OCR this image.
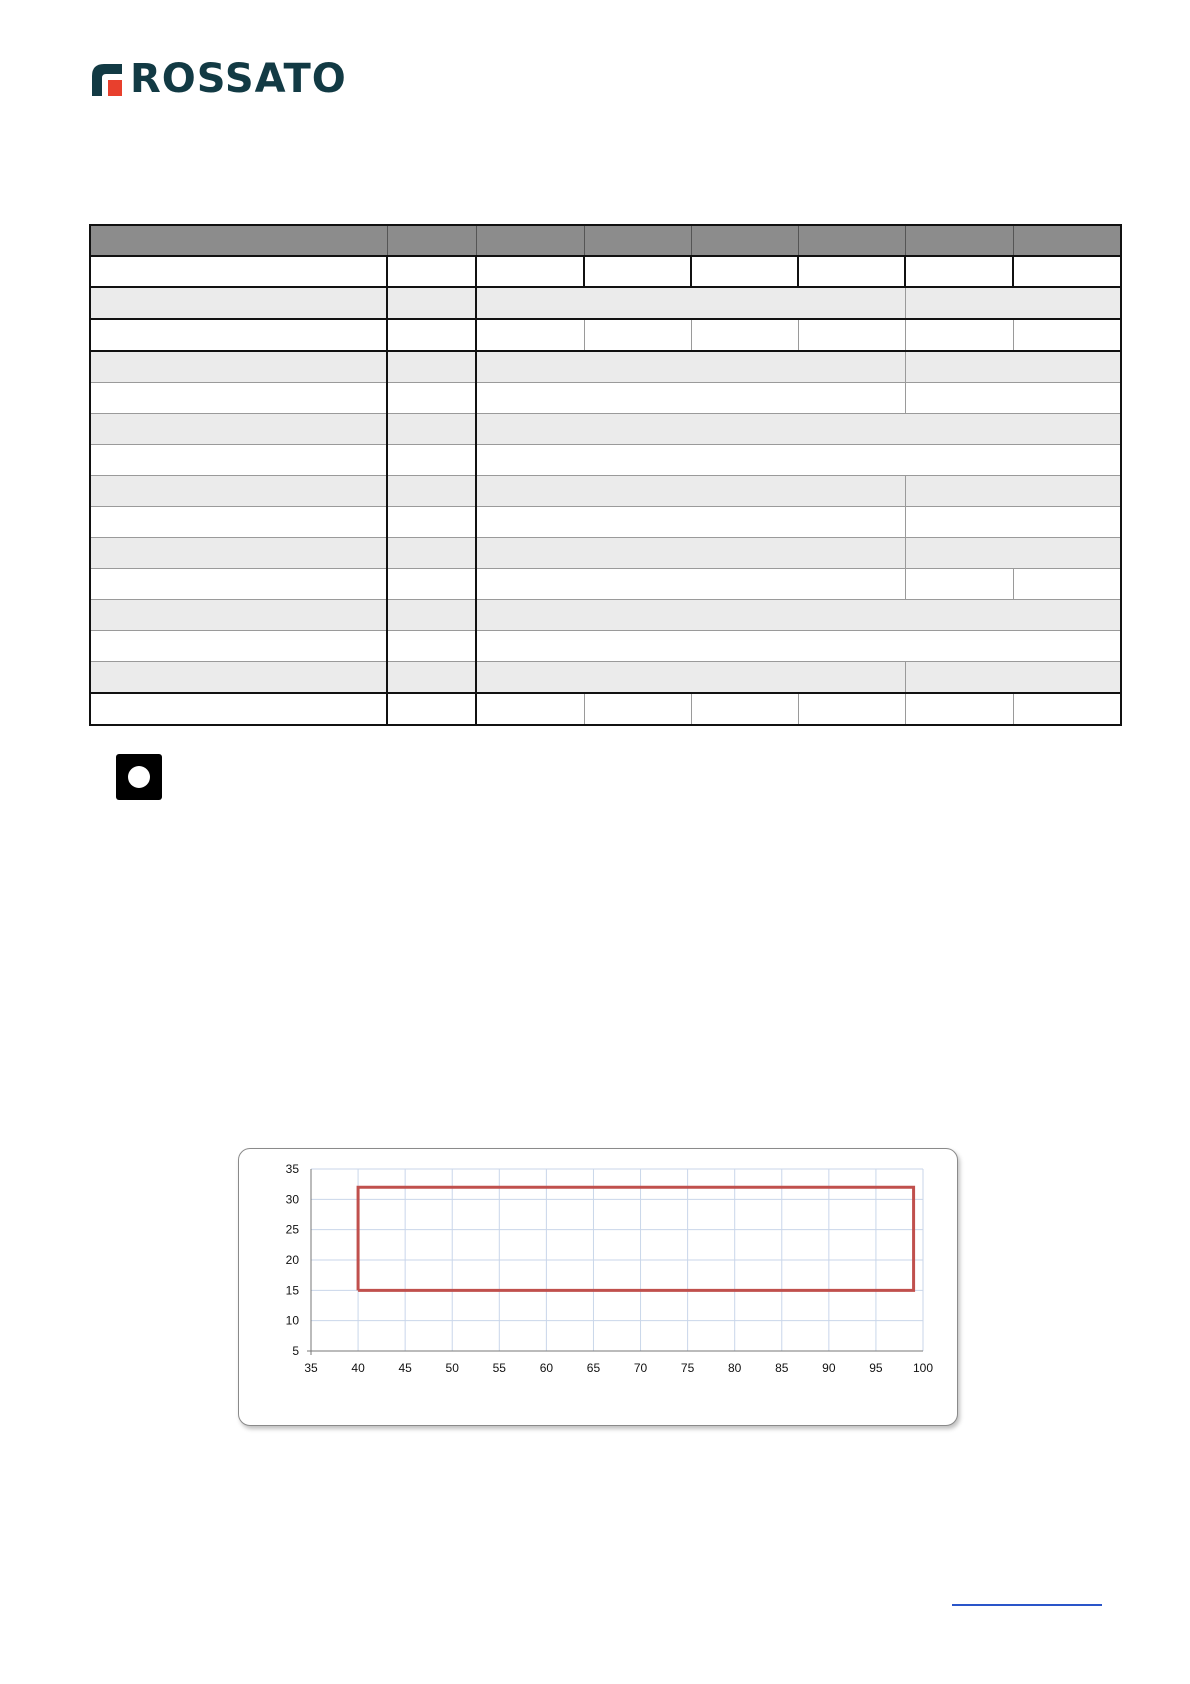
ROSSATO

35	40	45	50	55	60	65	70	75	80	85	90	95	100
5
10
15
20
25
30
35
